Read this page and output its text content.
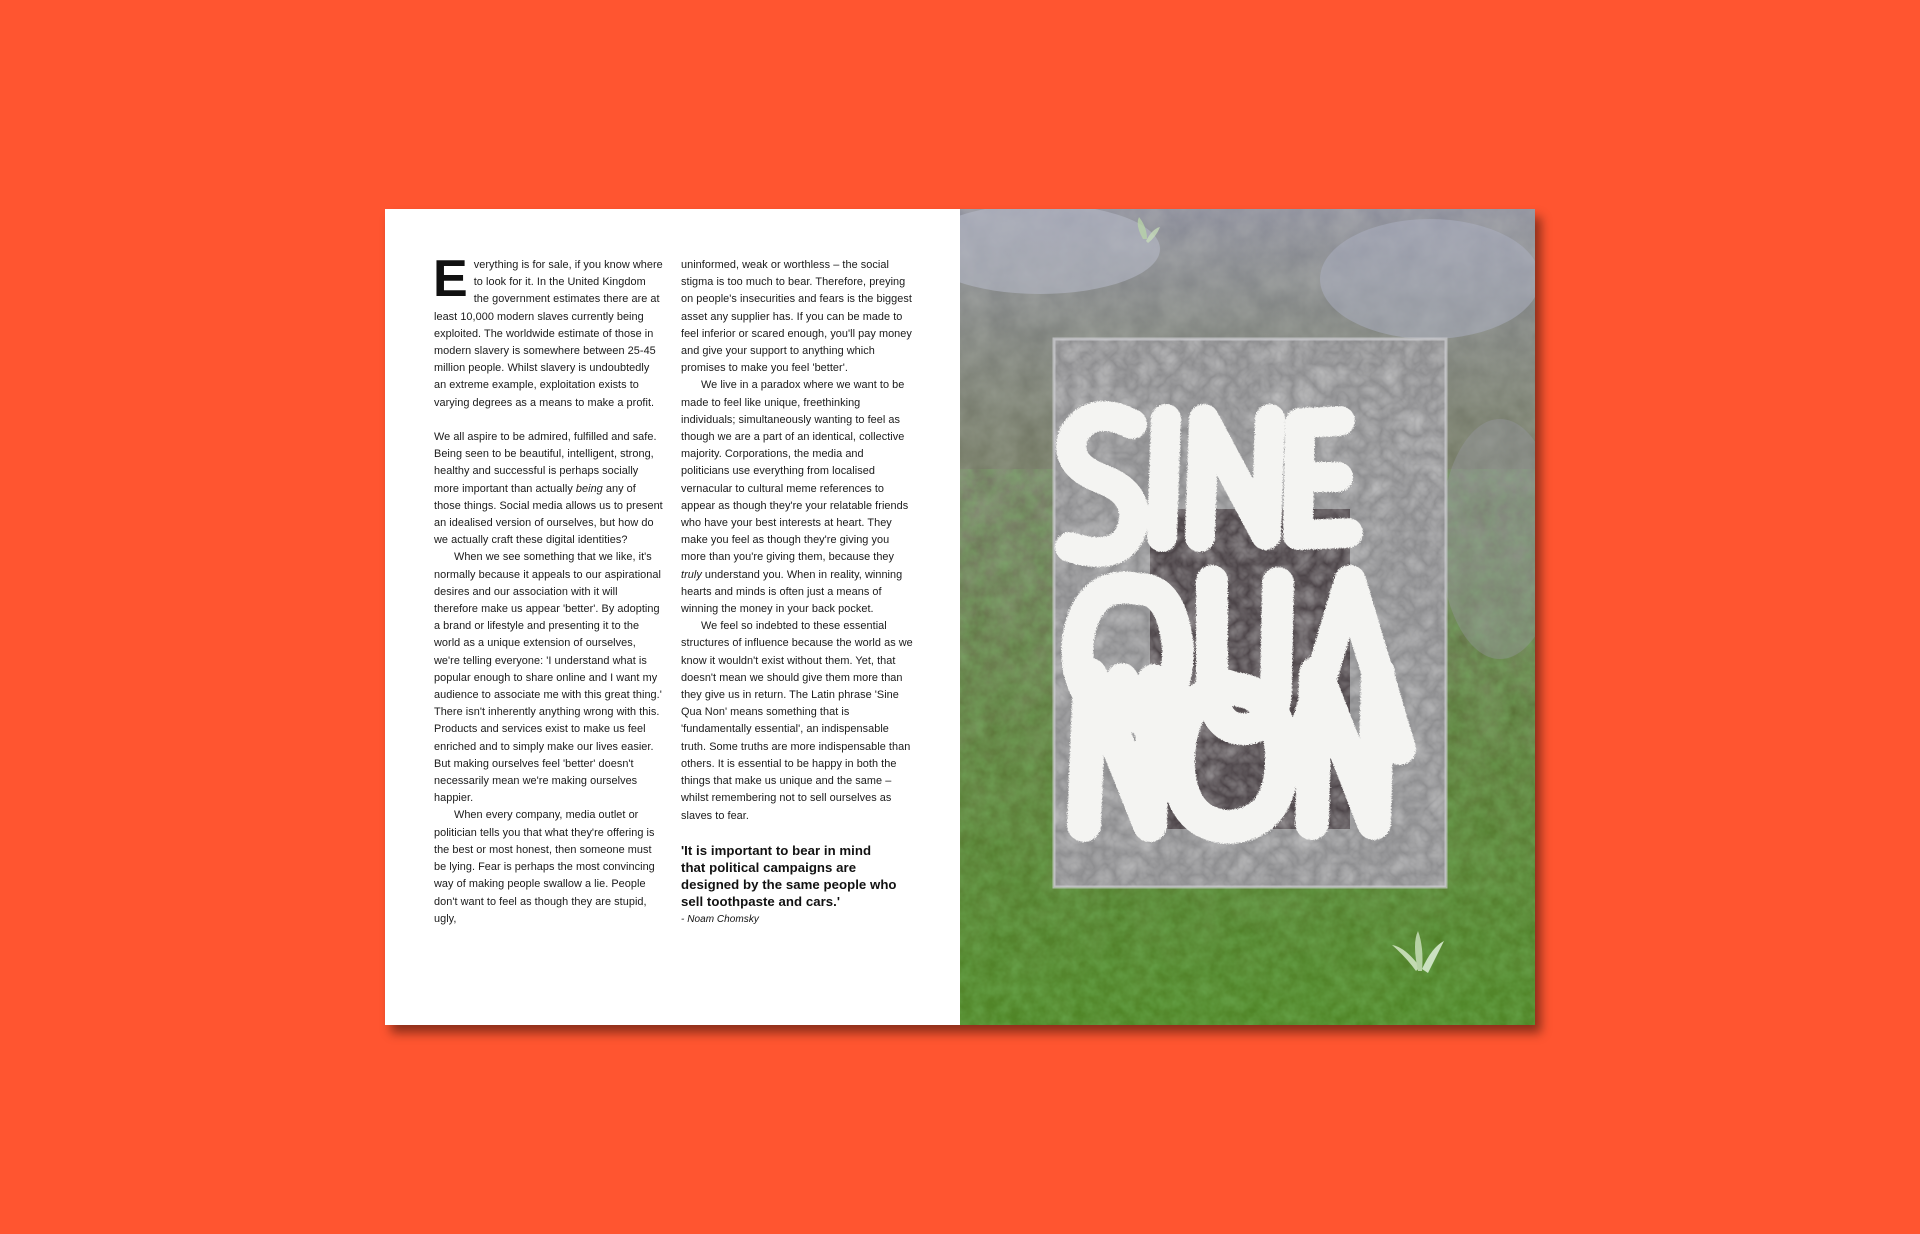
Everything is for sale, if you know where to look for it. In the United Kingdom the government estimates there are at least 10,000 modern slaves currently being exploited. The worldwide estimate of those in modern slavery is somewhere between 25-45 million people. Whilst slavery is undoubtedly an extreme example, exploitation exists to varying degrees as a means to make a profit.

We all aspire to be admired, fulfilled and safe. Being seen to be beautiful, intelligent, strong, healthy and successful is perhaps socially more important than actually being any of those things. Social media allows us to present an idealised version of ourselves, but how do we actually craft these digital identities?

When we see something that we like, it's normally because it appeals to our aspirational desires and our association with it will therefore make us appear 'better'. By adopting a brand or lifestyle and presenting it to the world as a unique extension of ourselves, we're telling everyone: 'I understand what is popular enough to share online and I want my audience to associate me with this great thing.' There isn't inherently anything wrong with this. Products and services exist to make us feel enriched and to simply make our lives easier. But making ourselves feel 'better' doesn't necessarily mean we're making ourselves happier.

When every company, media outlet or politician tells you that what they're offering is the best or most honest, then someone must be lying. Fear is perhaps the most convincing way of making people swallow a lie. People don't want to feel as though they are stupid, ugly,

uninformed, weak or worthless – the social stigma is too much to bear. Therefore, preying on people's insecurities and fears is the biggest asset any supplier has. If you can be made to feel inferior or scared enough, you'll pay money and give your support to anything which promises to make you feel 'better'.

We live in a paradox where we want to be made to feel like unique, freethinking individuals; simultaneously wanting to feel as though we are a part of an identical, collective majority. Corporations, the media and politicians use everything from localised vernacular to cultural meme references to appear as though they're your relatable friends who have your best interests at heart. They make you feel as though they're giving you more than you're giving them, because they truly understand you. When in reality, winning hearts and minds is often just a means of winning the money in your back pocket.

We feel so indebted to these essential structures of influence because the world as we know it wouldn't exist without them. Yet, that doesn't mean we should give them more than they give us in return. The Latin phrase 'Sine Qua Non' means something that is 'fundamentally essential', an indispensable truth. Some truths are more indispensable than others. It is essential to be happy in both the things that make us unique and the same – whilst remembering not to sell ourselves as slaves to fear.

'It is important to bear in mind that political campaigns are designed by the same people who sell toothpaste and cars.'
- Noam Chomsky
